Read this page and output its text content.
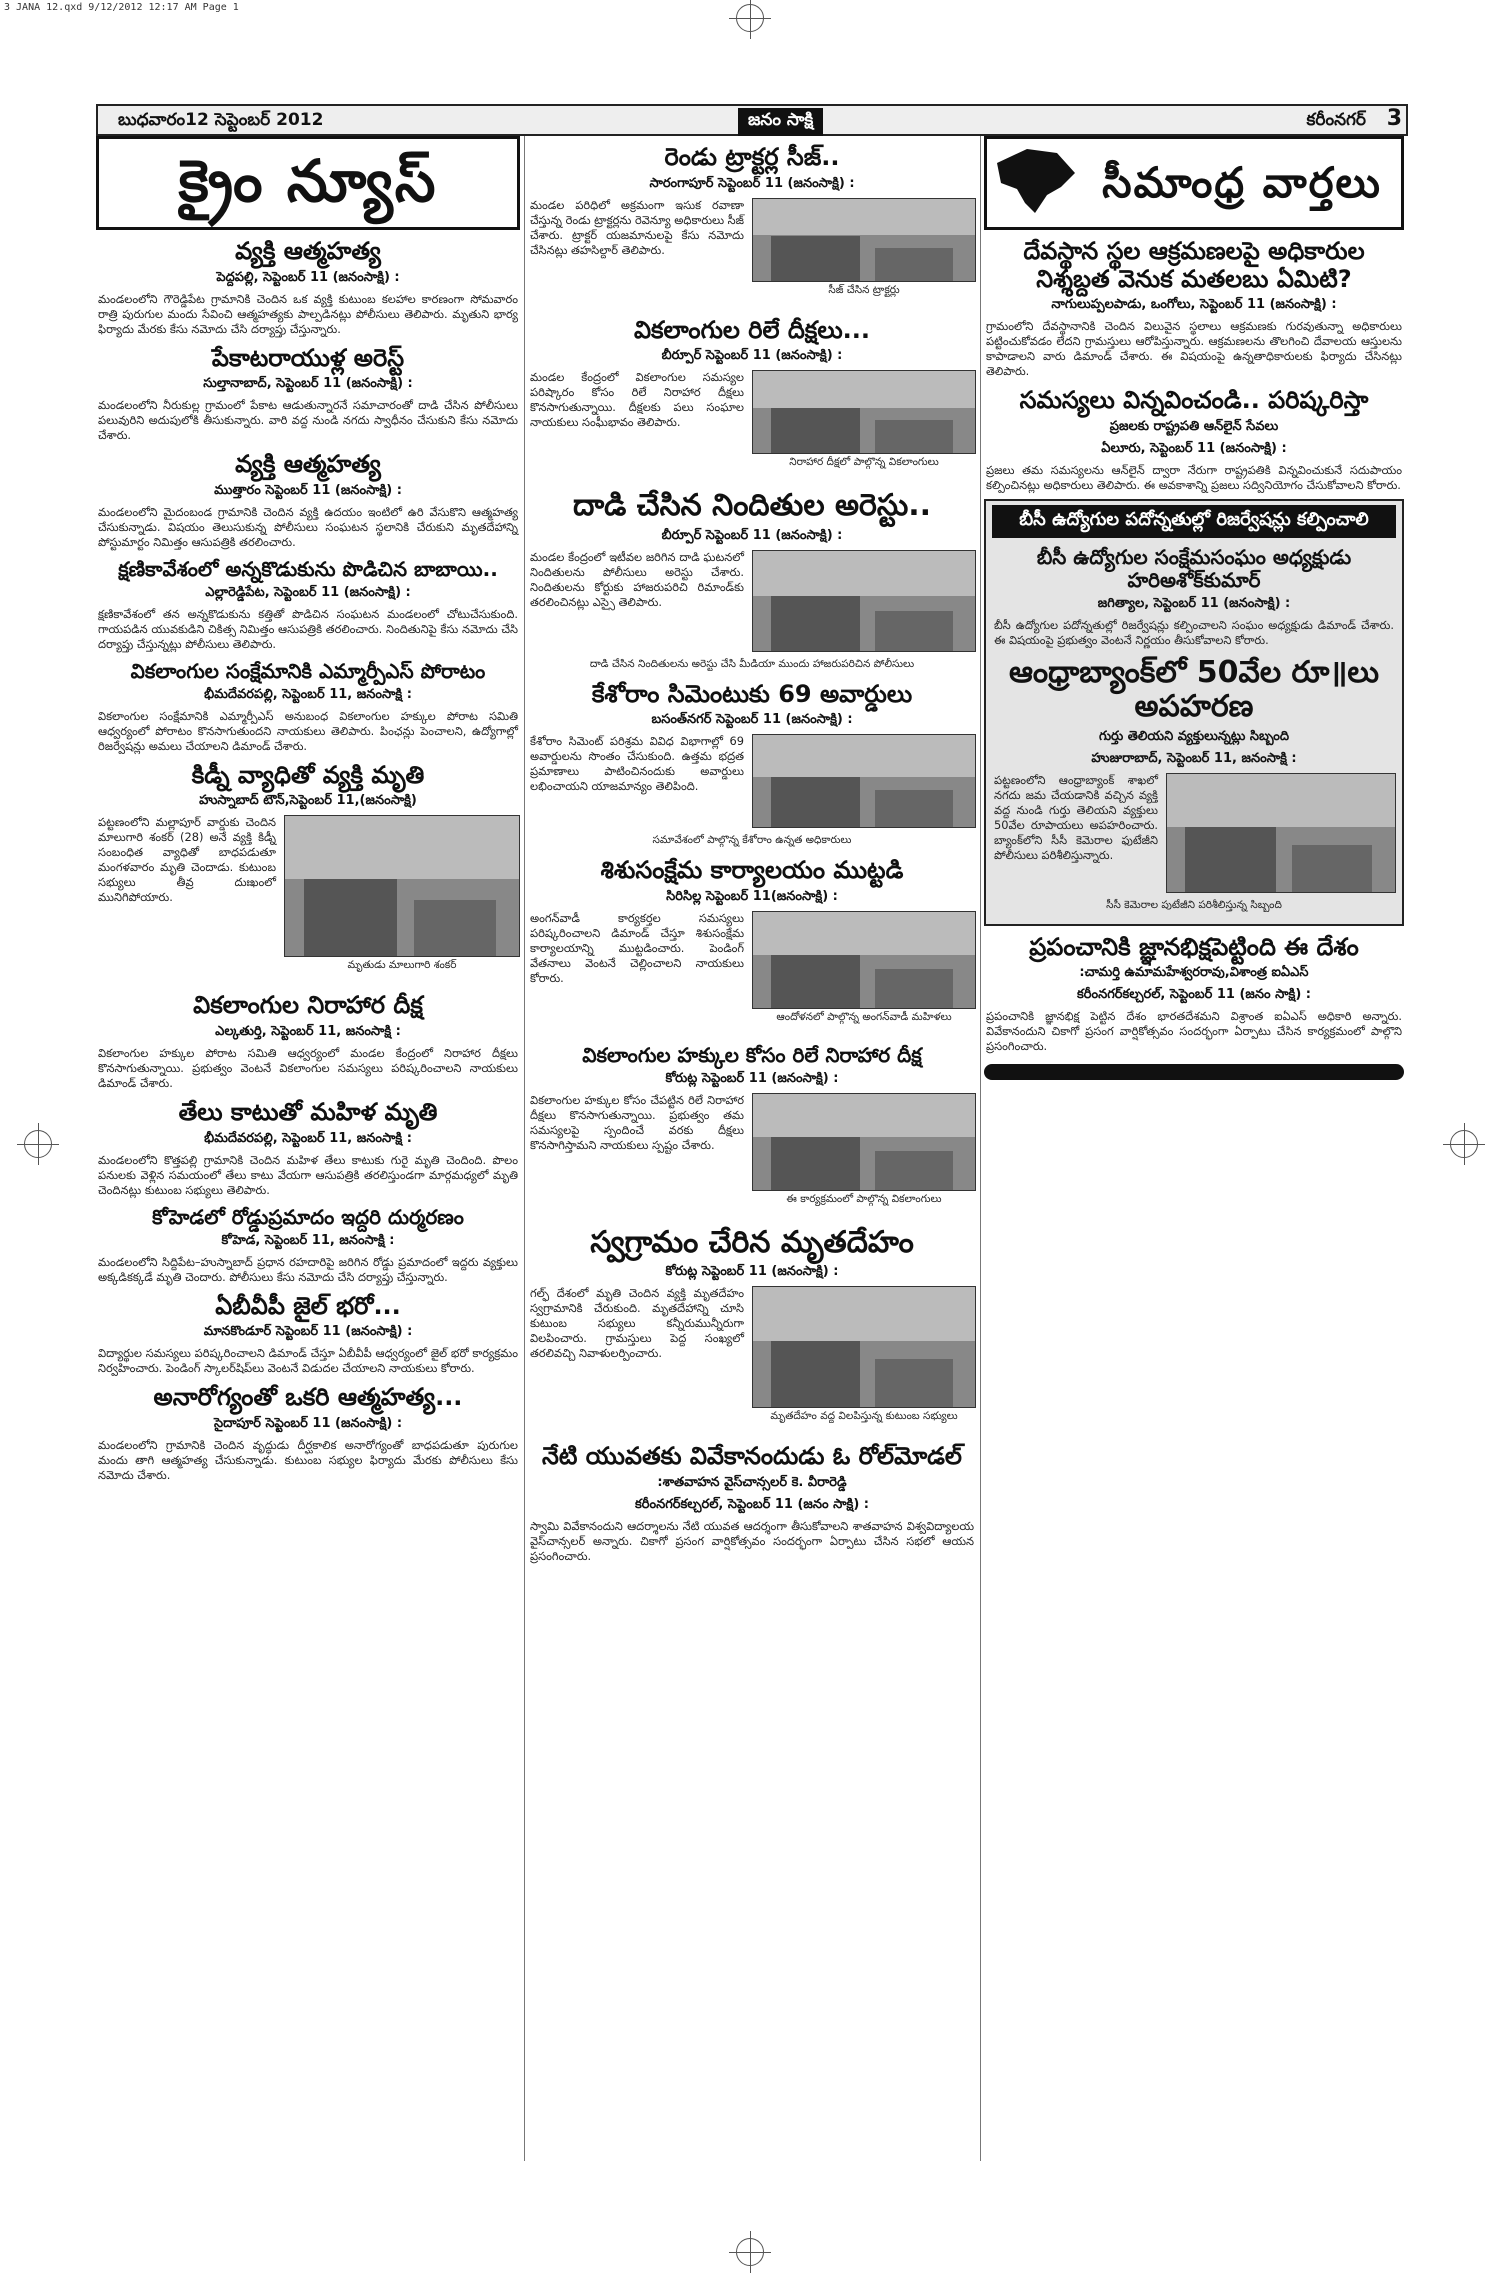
3 JANA 12.qxd 9/12/2012 12:17 AM Page 1
బుధవారం12 సెప్టెంబర్ 2012	జనం సాక్షి	కరీంనగర్ 3
క్రైం న్యూస్
వ్యక్తి ఆత్మహత్య
పెద్దపల్లి, సెప్టెంబర్ 11 (జనంసాక్షి) :
మండలంలోని గౌరెడ్డిపేట గ్రామానికి చెందిన ఒక వ్యక్తి కుటుంబ కలహాల కారణంగా సోమవారం రాత్రి పురుగుల మందు సేవించి ఆత్మహత్యకు పాల్పడినట్లు పోలీసులు తెలిపారు. మృతుని భార్య ఫిర్యాదు మేరకు కేసు నమోదు చేసి దర్యాప్తు చేస్తున్నారు.
పేకాటరాయుళ్ల అరెస్ట్
సుల్తానాబాద్, సెప్టెంబర్ 11 (జనంసాక్షి) :
మండలంలోని నీరుకుల్ల గ్రామంలో పేకాట ఆడుతున్నారనే సమాచారంతో దాడి చేసిన పోలీసులు పలువురిని అదుపులోకి తీసుకున్నారు. వారి వద్ద నుండి నగదు స్వాధీనం చేసుకుని కేసు నమోదు చేశారు.
వ్యక్తి ఆత్మహత్య
ముత్తారం సెప్టెంబర్ 11 (జనంసాక్షి) :
మండలంలోని మైదంబండ గ్రామానికి చెందిన వ్యక్తి ఉదయం ఇంటిలో ఉరి వేసుకొని ఆత్మహత్య చేసుకున్నాడు. విషయం తెలుసుకున్న పోలీసులు సంఘటన స్థలానికి చేరుకుని మృతదేహాన్ని పోస్టుమార్టం నిమిత్తం ఆసుపత్రికి తరలించారు.
క్షణికావేశంలో అన్నకొడుకును పొడిచిన బాబాయి..
ఎల్లారెడ్డిపేట, సెప్టెంబర్ 11 (జనంసాక్షి) :
క్షణికావేశంలో తన అన్నకొడుకును కత్తితో పొడిచిన సంఘటన మండలంలో చోటుచేసుకుంది. గాయపడిన యువకుడిని చికిత్స నిమిత్తం ఆసుపత్రికి తరలించారు. నిందితునిపై కేసు నమోదు చేసి దర్యాప్తు చేస్తున్నట్లు పోలీసులు తెలిపారు.
వికలాంగుల సంక్షేమానికి ఎమ్మార్పీఎస్ పోరాటం
భీమదేవరపల్లి, సెప్టెంబర్ 11, జనంసాక్షి :
వికలాంగుల సంక్షేమానికి ఎమ్మార్పీఎస్ అనుబంధ వికలాంగుల హక్కుల పోరాట సమితి ఆధ్వర్యంలో పోరాటం కొనసాగుతుందని నాయకులు తెలిపారు. పింఛన్లు పెంచాలని, ఉద్యోగాల్లో రిజర్వేషన్లు అమలు చేయాలని డిమాండ్ చేశారు.
కిడ్నీ వ్యాధితో వ్యక్తి మృతి
హుస్నాబాద్ టౌన్,సెప్టెంబర్ 11,(జనంసాక్షి)
మృతుడు మాలుగారి శంకర్
పట్టణంలోని మల్లాపూర్ వార్డుకు చెందిన మాలుగారి శంకర్ (28) అనే వ్యక్తి కిడ్నీ సంబంధిత వ్యాధితో బాధపడుతూ మంగళవారం మృతి చెందాడు. కుటుంబ సభ్యులు తీవ్ర దుఃఖంలో మునిగిపోయారు.
వికలాంగుల నిరాహార దీక్ష
ఎల్కతుర్తి, సెప్టెంబర్ 11, జనంసాక్షి :
వికలాంగుల హక్కుల పోరాట సమితి ఆధ్వర్యంలో మండల కేంద్రంలో నిరాహార దీక్షలు కొనసాగుతున్నాయి. ప్రభుత్వం వెంటనే వికలాంగుల సమస్యలు పరిష్కరించాలని నాయకులు డిమాండ్ చేశారు.
తేలు కాటుతో మహిళ మృతి
భీమదేవరపల్లి, సెప్టెంబర్ 11, జనంసాక్షి :
మండలంలోని కొత్తపల్లి గ్రామానికి చెందిన మహిళ తేలు కాటుకు గురై మృతి చెందింది. పొలం పనులకు వెళ్లిన సమయంలో తేలు కాటు వేయగా ఆసుపత్రికి తరలిస్తుండగా మార్గమధ్యలో మృతి చెందినట్లు కుటుంబ సభ్యులు తెలిపారు.
కోహెడలో రోడ్డుప్రమాదం ఇద్దరి దుర్మరణం
కోహెడ, సెప్టెంబర్ 11, జనంసాక్షి :
మండలంలోని సిద్దిపేట–హుస్నాబాద్ ప్రధాన రహదారిపై జరిగిన రోడ్డు ప్రమాదంలో ఇద్దరు వ్యక్తులు అక్కడికక్కడే మృతి చెందారు. పోలీసులు కేసు నమోదు చేసి దర్యాప్తు చేస్తున్నారు.
ఏబీవీపీ జైల్ భరో...
మానకొండూర్ సెప్టెంబర్ 11 (జనంసాక్షి) :
విద్యార్థుల సమస్యలు పరిష్కరించాలని డిమాండ్ చేస్తూ ఏబీవీపీ ఆధ్వర్యంలో జైల్ భరో కార్యక్రమం నిర్వహించారు. పెండింగ్ స్కాలర్‌షిప్‌లు వెంటనే విడుదల చేయాలని నాయకులు కోరారు.
అనారోగ్యంతో ఒకరి ఆత్మహత్య...
సైదాపూర్ సెప్టెంబర్ 11 (జనంసాక్షి) :
మండలంలోని గ్రామానికి చెందిన వృద్ధుడు దీర్ఘకాలిక అనారోగ్యంతో బాధపడుతూ పురుగుల మందు తాగి ఆత్మహత్య చేసుకున్నాడు. కుటుంబ సభ్యుల ఫిర్యాదు మేరకు పోలీసులు కేసు నమోదు చేశారు.
రెండు ట్రాక్టర్ల సీజ్..
సారంగాపూర్ సెప్టెంబర్ 11 (జనంసాక్షి) :
సీజ్ చేసిన ట్రాక్టర్లు
మండల పరిధిలో అక్రమంగా ఇసుక రవాణా చేస్తున్న రెండు ట్రాక్టర్లను రెవెన్యూ అధికారులు సీజ్ చేశారు. ట్రాక్టర్ యజమానులపై కేసు నమోదు చేసినట్లు తహసిల్దార్ తెలిపారు.
వికలాంగుల రిలే దీక్షలు...
బీర్పూర్ సెప్టెంబర్ 11 (జనంసాక్షి) :
నిరాహార దీక్షలో పాల్గొన్న వికలాంగులు
మండల కేంద్రంలో వికలాంగుల సమస్యల పరిష్కారం కోసం రిలే నిరాహార దీక్షలు కొనసాగుతున్నాయి. దీక్షలకు పలు సంఘాల నాయకులు సంఘీభావం తెలిపారు.
దాడి చేసిన నిందితుల అరెస్టు..
బీర్పూర్ సెప్టెంబర్ 11 (జనంసాక్షి) :
మండల కేంద్రంలో ఇటీవల జరిగిన దాడి ఘటనలో నిందితులను పోలీసులు అరెస్టు చేశారు. నిందితులను కోర్టుకు హాజరుపరిచి రిమాండ్‌కు తరలించినట్లు ఎస్సై తెలిపారు.
దాడి చేసిన నిందితులను అరెస్టు చేసి మీడియా ముందు హాజరుపరిచిన పోలీసులు
కేశోరాం సిమెంటుకు 69 అవార్డులు
బసంత్‌నగర్ సెప్టెంబర్ 11 (జనంసాక్షి) :
కేశోరాం సిమెంట్ పరిశ్రమ వివిధ విభాగాల్లో 69 అవార్డులను సొంతం చేసుకుంది. ఉత్తమ భద్రత ప్రమాణాలు పాటించినందుకు అవార్డులు లభించాయని యాజమాన్యం తెలిపింది.
సమావేశంలో పాల్గొన్న కేశోరాం ఉన్నత అధికారులు
శిశుసంక్షేమ కార్యాలయం ముట్టడి
సిరిసిల్ల సెప్టెంబర్ 11(జనంసాక్షి) :
ఆందోళనలో పాల్గొన్న అంగన్‌వాడీ మహిళలు
అంగన్‌వాడీ కార్యకర్తల సమస్యలు పరిష్కరించాలని డిమాండ్ చేస్తూ శిశుసంక్షేమ కార్యాలయాన్ని ముట్టడించారు. పెండింగ్ వేతనాలు వెంటనే చెల్లించాలని నాయకులు కోరారు.
వికలాంగుల హక్కుల కోసం రిలే నిరాహార దీక్ష
కోరుట్ల సెప్టెంబర్ 11 (జనంసాక్షి) :
ఈ కార్యక్రమంలో పాల్గొన్న వికలాంగులు
వికలాంగుల హక్కుల కోసం చేపట్టిన రిలే నిరాహార దీక్షలు కొనసాగుతున్నాయి. ప్రభుత్వం తమ సమస్యలపై స్పందించే వరకు దీక్షలు కొనసాగిస్తామని నాయకులు స్పష్టం చేశారు.
స్వగ్రామం చేరిన మృతదేహం
కోరుట్ల సెప్టెంబర్ 11 (జనంసాక్షి) :
మృతదేహం వద్ద విలపిస్తున్న కుటుంబ సభ్యులు
గల్ఫ్ దేశంలో మృతి చెందిన వ్యక్తి మృతదేహం స్వగ్రామానికి చేరుకుంది. మృతదేహాన్ని చూసి కుటుంబ సభ్యులు కన్నీరుమున్నీరుగా విలపించారు. గ్రామస్తులు పెద్ద సంఖ్యలో తరలివచ్చి నివాళులర్పించారు.
నేటి యువతకు వివేకానందుడు ఓ రోల్‌మోడల్
:శాతవాహన వైస్‌చాన్సలర్ కె. వీరారెడ్డి
కరీంనగర్‌కల్చరల్, సెప్టెంబర్ 11 (జనం సాక్షి) :
స్వామి వివేకానందుని ఆదర్శాలను నేటి యువత ఆదర్శంగా తీసుకోవాలని శాతవాహన విశ్వవిద్యాలయ వైస్‌చాన్సలర్ అన్నారు. చికాగో ప్రసంగ వార్షికోత్సవం సందర్భంగా ఏర్పాటు చేసిన సభలో ఆయన ప్రసంగించారు.
సీమాంధ్ర వార్తలు
దేవస్థాన స్థల ఆక్రమణలపై అధికారుల నిశ్శబ్దత వెనుక మతలబు ఏమిటి?
నాగులుప్పలపాడు, ఒంగోలు, సెప్టెంబర్ 11 (జనంసాక్షి) :
గ్రామంలోని దేవస్థానానికి చెందిన విలువైన స్థలాలు ఆక్రమణకు గురవుతున్నా అధికారులు పట్టించుకోవడం లేదని గ్రామస్తులు ఆరోపిస్తున్నారు. ఆక్రమణలను తొలగించి దేవాలయ ఆస్తులను కాపాడాలని వారు డిమాండ్ చేశారు. ఈ విషయంపై ఉన్నతాధికారులకు ఫిర్యాదు చేసినట్లు తెలిపారు.
సమస్యలు విన్నవించండి.. పరిష్కరిస్తా
ప్రజలకు రాష్ట్రపతి ఆన్‌లైన్ సేవలు
ఏలూరు, సెప్టెంబర్ 11 (జనంసాక్షి) :
ప్రజలు తమ సమస్యలను ఆన్‌లైన్ ద్వారా నేరుగా రాష్ట్రపతికి విన్నవించుకునే సదుపాయం కల్పించినట్లు అధికారులు తెలిపారు. ఈ అవకాశాన్ని ప్రజలు సద్వినియోగం చేసుకోవాలని కోరారు.
బీసీ ఉద్యోగుల పదోన్నతుల్లో రిజర్వేషన్లు కల్పించాలి
బీసీ ఉద్యోగుల సంక్షేమసంఘం అధ్యక్షుడు హరిఅశోక్‌కుమార్
జగిత్యాల, సెప్టెంబర్ 11 (జనంసాక్షి) :
బీసీ ఉద్యోగుల పదోన్నతుల్లో రిజర్వేషన్లు కల్పించాలని సంఘం అధ్యక్షుడు డిమాండ్ చేశారు. ఈ విషయంపై ప్రభుత్వం వెంటనే నిర్ణయం తీసుకోవాలని కోరారు.
ఆంధ్రాబ్యాంక్‌లో 50వేల రూ॥లు అపహరణ
గుర్తు తెలియని వ్యక్తులున్నట్లు సిబ్బంది
హుజురాబాద్, సెప్టెంబర్ 11, జనంసాక్షి :
పట్టణంలోని ఆంధ్రాబ్యాంక్ శాఖలో నగదు జమ చేయడానికి వచ్చిన వ్యక్తి వద్ద నుండి గుర్తు తెలియని వ్యక్తులు 50వేల రూపాయలు అపహరించారు. బ్యాంక్‌లోని సీసీ కెమెరాల ఫుటేజీని పోలీసులు పరిశీలిస్తున్నారు.
సీసీ కెమెరాల పుటేజీని పరిశీలిస్తున్న సిబ్బంది
ప్రపంచానికి జ్ఞానభిక్షపెట్టింది ఈ దేశం
:చామర్తి ఉమామహేశ్వరరావు,విశాంత్ర ఐఏఎస్
కరీంనగర్‌కల్చరల్, సెప్టెంబర్ 11 (జనం సాక్షి) :
ప్రపంచానికి జ్ఞానభిక్ష పెట్టిన దేశం భారతదేశమని విశ్రాంత ఐఏఎస్ అధికారి అన్నారు. వివేకానందుని చికాగో ప్రసంగ వార్షికోత్సవం సందర్భంగా ఏర్పాటు చేసిన కార్యక్రమంలో పాల్గొని ప్రసంగించారు.
